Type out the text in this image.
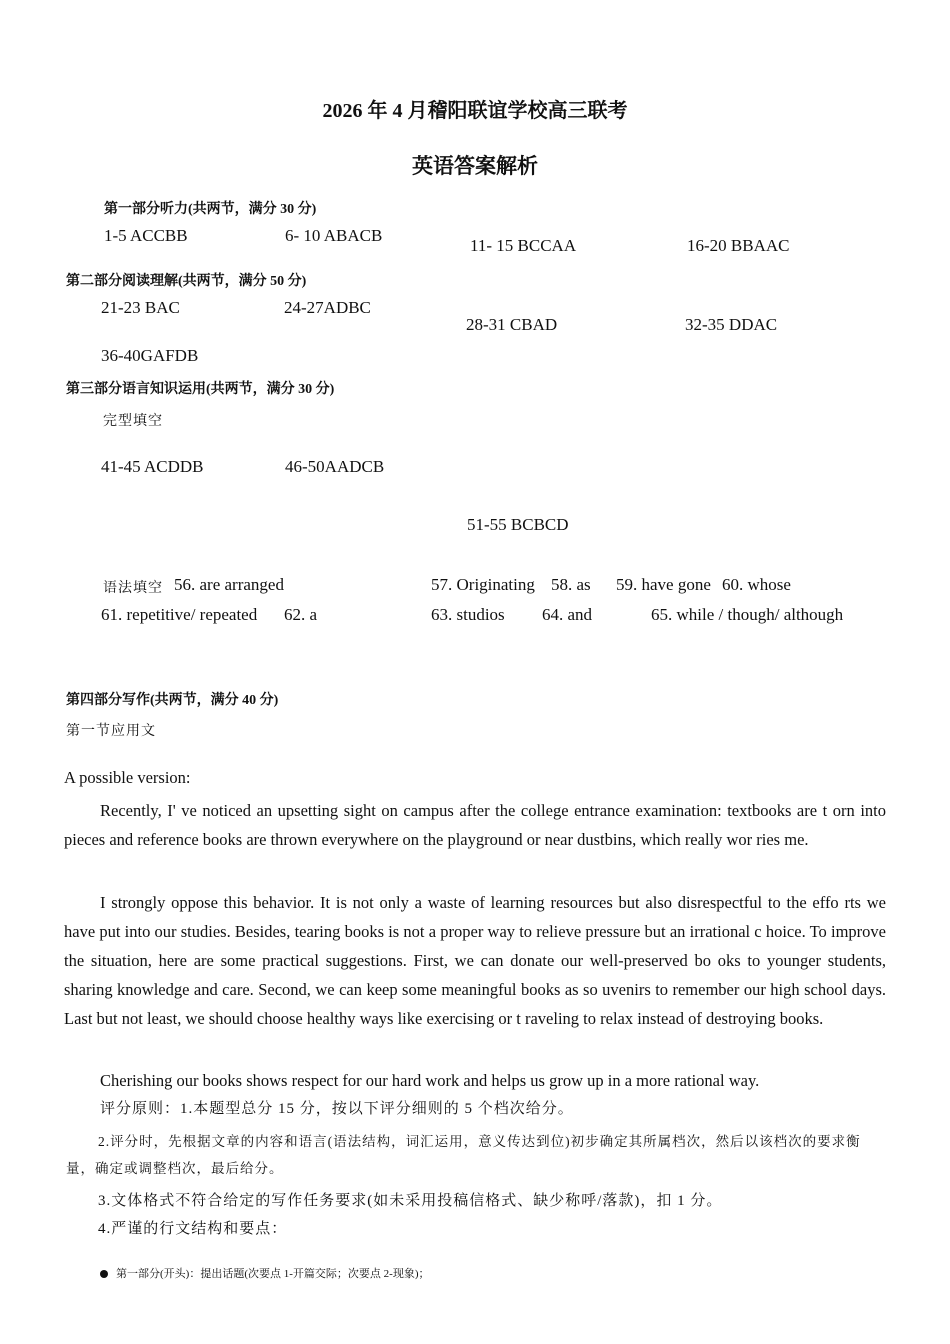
2026 年 4 月稽阳联谊学校高三联考
英语答案解析
第一部分听力(共两节，满分 30 分)
1-5 ACCBB	6- 10 ABACB
11- 15 BCCAA	16-20 BBAAC
第二部分阅读理解(共两节，满分 50 分)
21-23 BAC	24-27ADBC
28-31 CBAD	32-35 DDAC
36-40GAFDB
第三部分语言知识运用(共两节，满分 30 分)
完型填空
41-45 ACDDB	46-50AADCB
51-55 BCBCD
语法填空 56. are arranged	57. Originating 58. as 59. have gone 60. whose
61. repetitive/ repeated 62. a	63. studios 64. and	65. while / though/ although
第四部分写作(共两节，满分 40 分)
第一节应用文
A possible version:
Recently, I' ve noticed an upsetting sight on campus after the college entrance examination: textbooks are t orn into pieces and reference books are thrown everywhere on the playground or near dustbins, which really wor ries me.
I strongly oppose this behavior. It is not only a waste of learning resources but also disrespectful to the effo rts we have put into our studies. Besides, tearing books is not a proper way to relieve pressure but an irrational c hoice. To improve the situation, here are some practical suggestions. First, we can donate our well-preserved bo oks to younger students, sharing knowledge and care. Second, we can keep some meaningful books as so uvenirs to remember our high school days. Last but not least, we should choose healthy ways like exercising or t raveling to relax instead of destroying books.
Cherishing our books shows respect for our hard work and helps us grow up in a more rational way.
评分原则：1.本题型总分 15 分，按以下评分细则的 5 个档次给分。
2.评分时，先根据文章的内容和语言(语法结构，词汇运用，意义传达到位)初步确定其所属档次，然后以该档次的要求衡量，确定或调整档次，最后给分。
3.文体格式不符合给定的写作任务要求(如未采用投稿信格式、缺少称呼/落款)，扣 1 分。
4.严谨的行文结构和要点：
第一部分(开头)：提出话题(次要点 1-开篇交际；次要点 2-现象)；
